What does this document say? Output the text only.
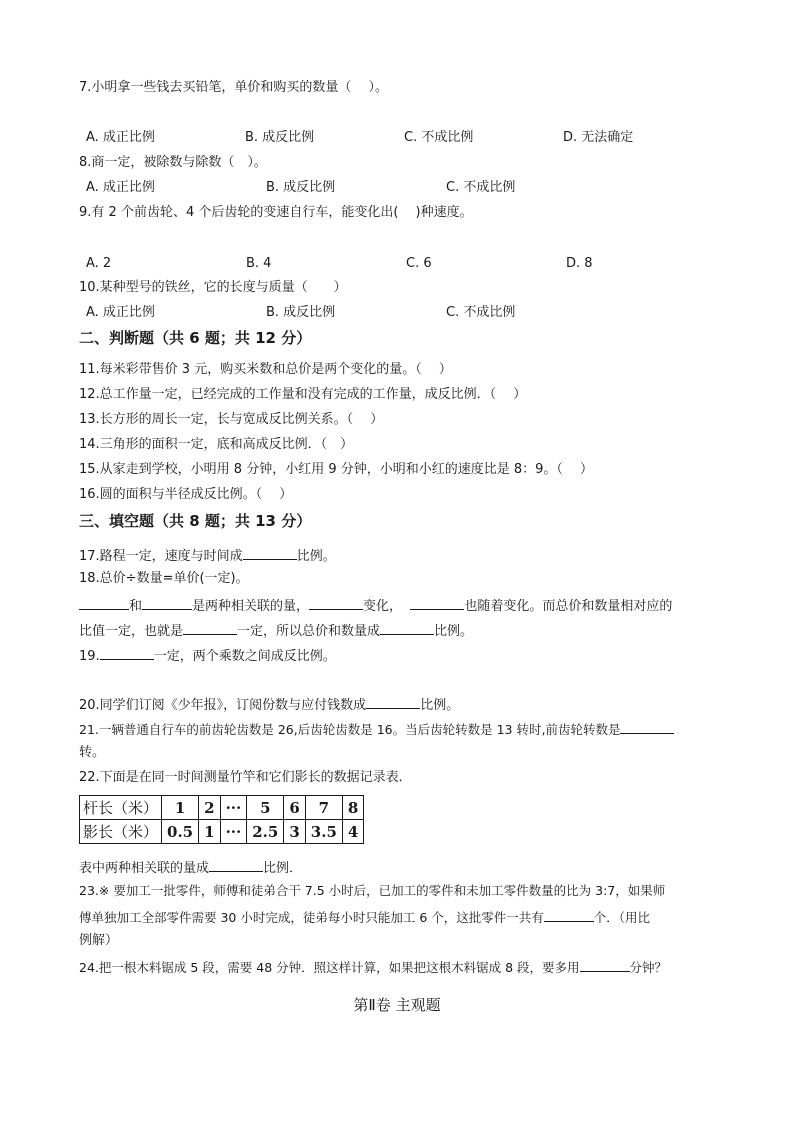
7.小明拿一些钱去买铅笔，单价和购买的数量（　 ）。
A. 成正比例	B. 成反比例	C. 不成比例	D. 无法确定
8.商一定，被除数与除数（　）。
A. 成正比例	B. 成反比例	C. 不成比例
9.有 2 个前齿轮、4 个后齿轮的变速自行车，能变化出(　 )种速度。
A. 2	B. 4	C. 6	D. 8
10.某种型号的铁丝，它的长度与质量（　　）
A. 成正比例	B. 成反比例	C. 不成比例
二、判断题（共 6 题；共 12 分）
11.每米彩带售价 3 元，购买米数和总价是两个变化的量。（　 ）
12.总工作量一定，已经完成的工作量和没有完成的工作量，成反比例．（　 ）
13.长方形的周长一定，长与宽成反比例关系。（　 ）
14.三角形的面积一定，底和高成反比例．（　）
15.从家走到学校，小明用 8 分钟，小红用 9 分钟，小明和小红的速度比是 8：9。（　 ）
16.圆的面积与半径成反比例。（　 ）
三、填空题（共 8 题；共 13 分）
17.路程一定，速度与时间成	比例。
18.总价÷数量=单价(一定)。
和	是两种相关联的量，	变化，	也随着变化。而总价和数量相对应的
比值一定，也就是	一定，所以总价和数量成	比例。
19.	一定，两个乘数之间成反比例。
20.同学们订阅《少年报》，订阅份数与应付钱数成	比例。
21.一辆普通自行车的前齿轮齿数是 26,后齿轮齿数是 16。当后齿轮转数是 13 转时,前齿轮转数是
转。
22.下面是在同一时间测量竹竿和它们影长的数据记录表．
杆长（米）	1	2	···	5	6	7	8
影长（米）	0.5	1	···	2.5	3	3.5	4
表中两种相关联的量成	比例．
23.※ 要加工一批零件，师傅和徒弟合干 7.5 小时后，已加工的零件和未加工零件数量的比为 3:7，如果师
傅单独加工全部零件需要 30 小时完成，徒弟每小时只能加工 6 个，这批零件一共有	个．（用比
例解）
24.把一根木料锯成 5 段，需要 48 分钟．照这样计算，如果把这根木料锯成 8 段，要多用	分钟？
第Ⅱ卷 主观题
